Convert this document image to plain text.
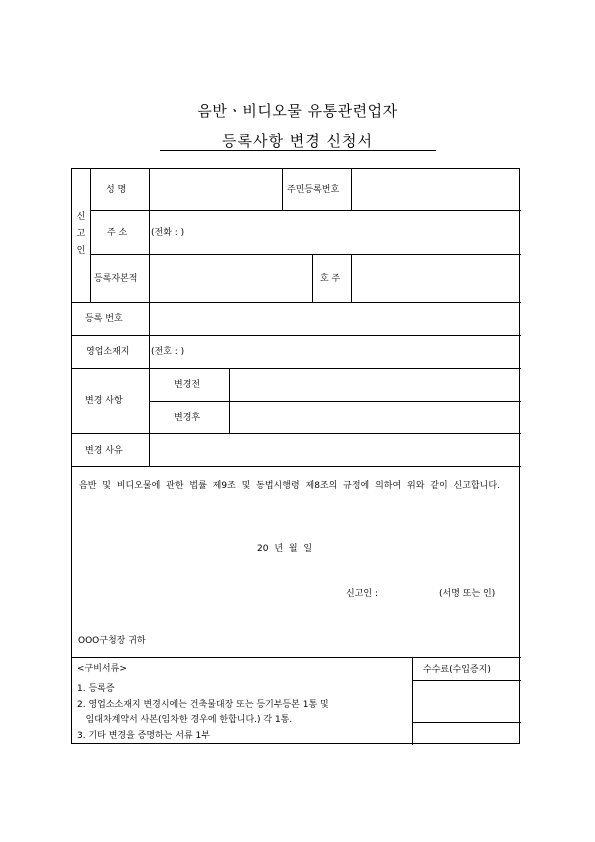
음반ㆍ비디오물 유통관련업자
등록사항 변경 신청서
신
고
인
성 명	주민등록번호
주 소	(전화 : )
등록자본적	호 주
등록 번호
영업소재지 (전호 : )
변경 사항
변경전
변경후
변경 사유
음반 및 비디오물에 관한 법률 제9조 및 동법시행령 제8조의 규정에 의하여 위와 같이 신고합니다.
20 년 월 일
신고인 :	(서명 또는 인)
OOO구청장 귀하
<구비서류>
1. 등록증
2. 영업소소재지 변경시에는 건축물대장 또는 등기부등본 1통 및
임대차계약서 사본(임차한 경우에 한합니다.) 각 1통.
3. 기타 변경을 증명하는 서류 1부
수수료(수입증지)
